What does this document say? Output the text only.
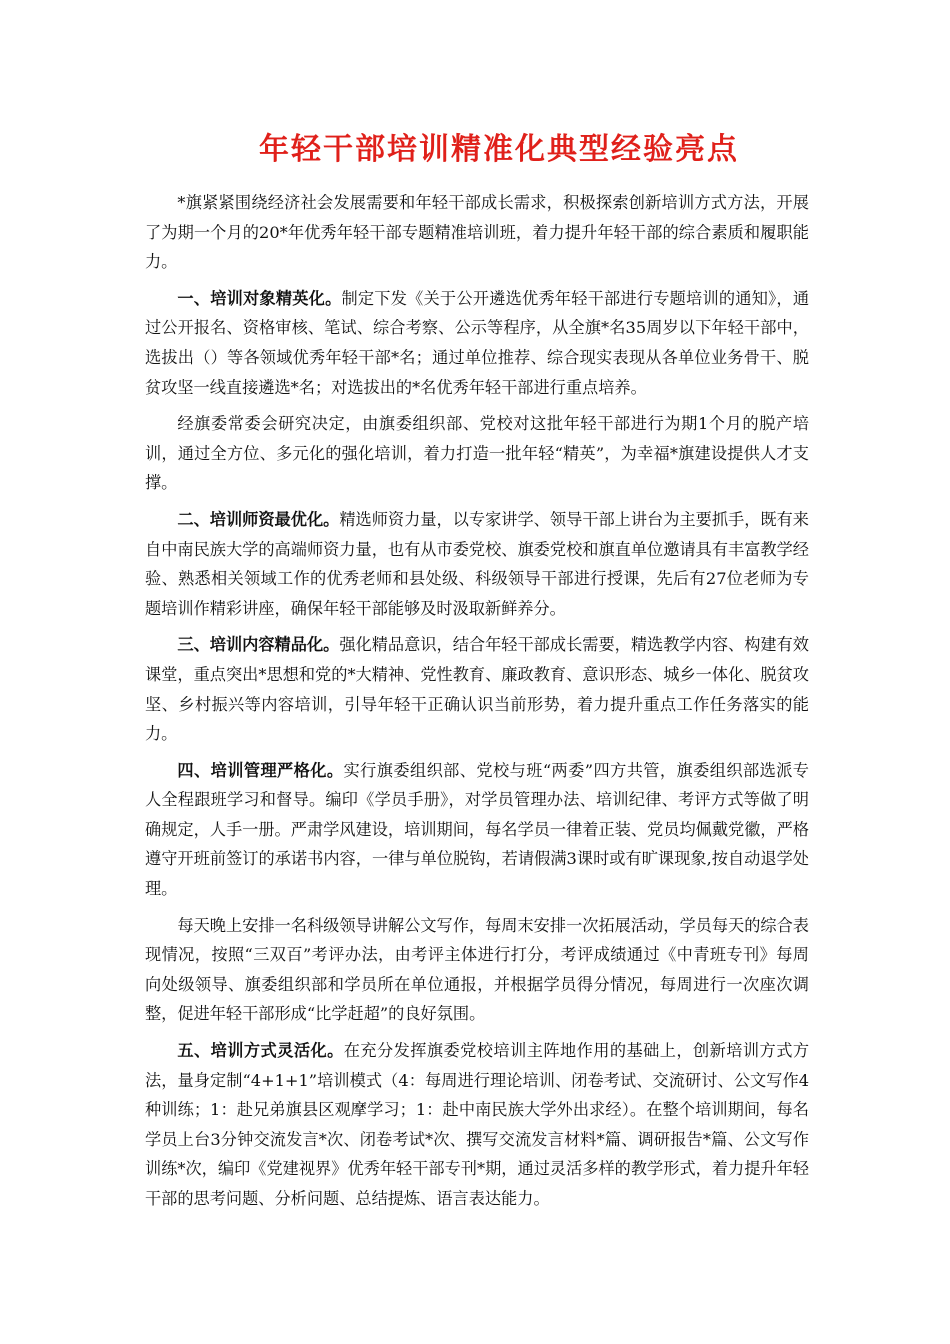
年轻干部培训精准化典型经验亮点

*旗紧紧围绕经济社会发展需要和年轻干部成长需求，积极探索创新培训方式方法，开展了为期一个月的20*年优秀年轻干部专题精准培训班，着力提升年轻干部的综合素质和履职能力。

一、培训对象精英化。制定下发《关于公开遴选优秀年轻干部进行专题培训的通知》，通过公开报名、资格审核、笔试、综合考察、公示等程序，从全旗*名35周岁以下年轻干部中，选拔出（）等各领域优秀年轻干部*名；通过单位推荐、综合现实表现从各单位业务骨干、脱贫攻坚一线直接遴选*名；对选拔出的*名优秀年轻干部进行重点培养。

经旗委常委会研究决定，由旗委组织部、党校对这批年轻干部进行为期1个月的脱产培训，通过全方位、多元化的强化培训，着力打造一批年轻“精英”，为幸福*旗建设提供人才支撑。

二、培训师资最优化。精选师资力量，以专家讲学、领导干部上讲台为主要抓手，既有来自中南民族大学的高端师资力量，也有从市委党校、旗委党校和旗直单位邀请具有丰富教学经验、熟悉相关领域工作的优秀老师和县处级、科级领导干部进行授课，先后有27位老师为专题培训作精彩讲座，确保年轻干部能够及时汲取新鲜养分。

三、培训内容精品化。强化精品意识，结合年轻干部成长需要，精选教学内容、构建有效课堂，重点突出*思想和党的*大精神、党性教育、廉政教育、意识形态、城乡一体化、脱贫攻坚、乡村振兴等内容培训，引导年轻干正确认识当前形势，着力提升重点工作任务落实的能力。

四、培训管理严格化。实行旗委组织部、党校与班“两委”四方共管，旗委组织部选派专人全程跟班学习和督导。编印《学员手册》，对学员管理办法、培训纪律、考评方式等做了明确规定，人手一册。严肃学风建设，培训期间，每名学员一律着正装、党员均佩戴党徽，严格遵守开班前签订的承诺书内容，一律与单位脱钩，若请假满3课时或有旷课现象,按自动退学处理。

每天晚上安排一名科级领导讲解公文写作，每周末安排一次拓展活动，学员每天的综合表现情况，按照“三双百”考评办法，由考评主体进行打分，考评成绩通过《中青班专刊》每周向处级领导、旗委组织部和学员所在单位通报，并根据学员得分情况，每周进行一次座次调整，促进年轻干部形成“比学赶超”的良好氛围。

五、培训方式灵活化。在充分发挥旗委党校培训主阵地作用的基础上，创新培训方式方法，量身定制“4+1+1”培训模式（4：每周进行理论培训、闭卷考试、交流研讨、公文写作4种训练；1：赴兄弟旗县区观摩学习；1：赴中南民族大学外出求经）。在整个培训期间，每名学员上台3分钟交流发言*次、闭卷考试*次、撰写交流发言材料*篇、调研报告*篇、公文写作训练*次，编印《党建视界》优秀年轻干部专刊*期，通过灵活多样的教学形式，着力提升年轻干部的思考问题、分析问题、总结提炼、语言表达能力。
